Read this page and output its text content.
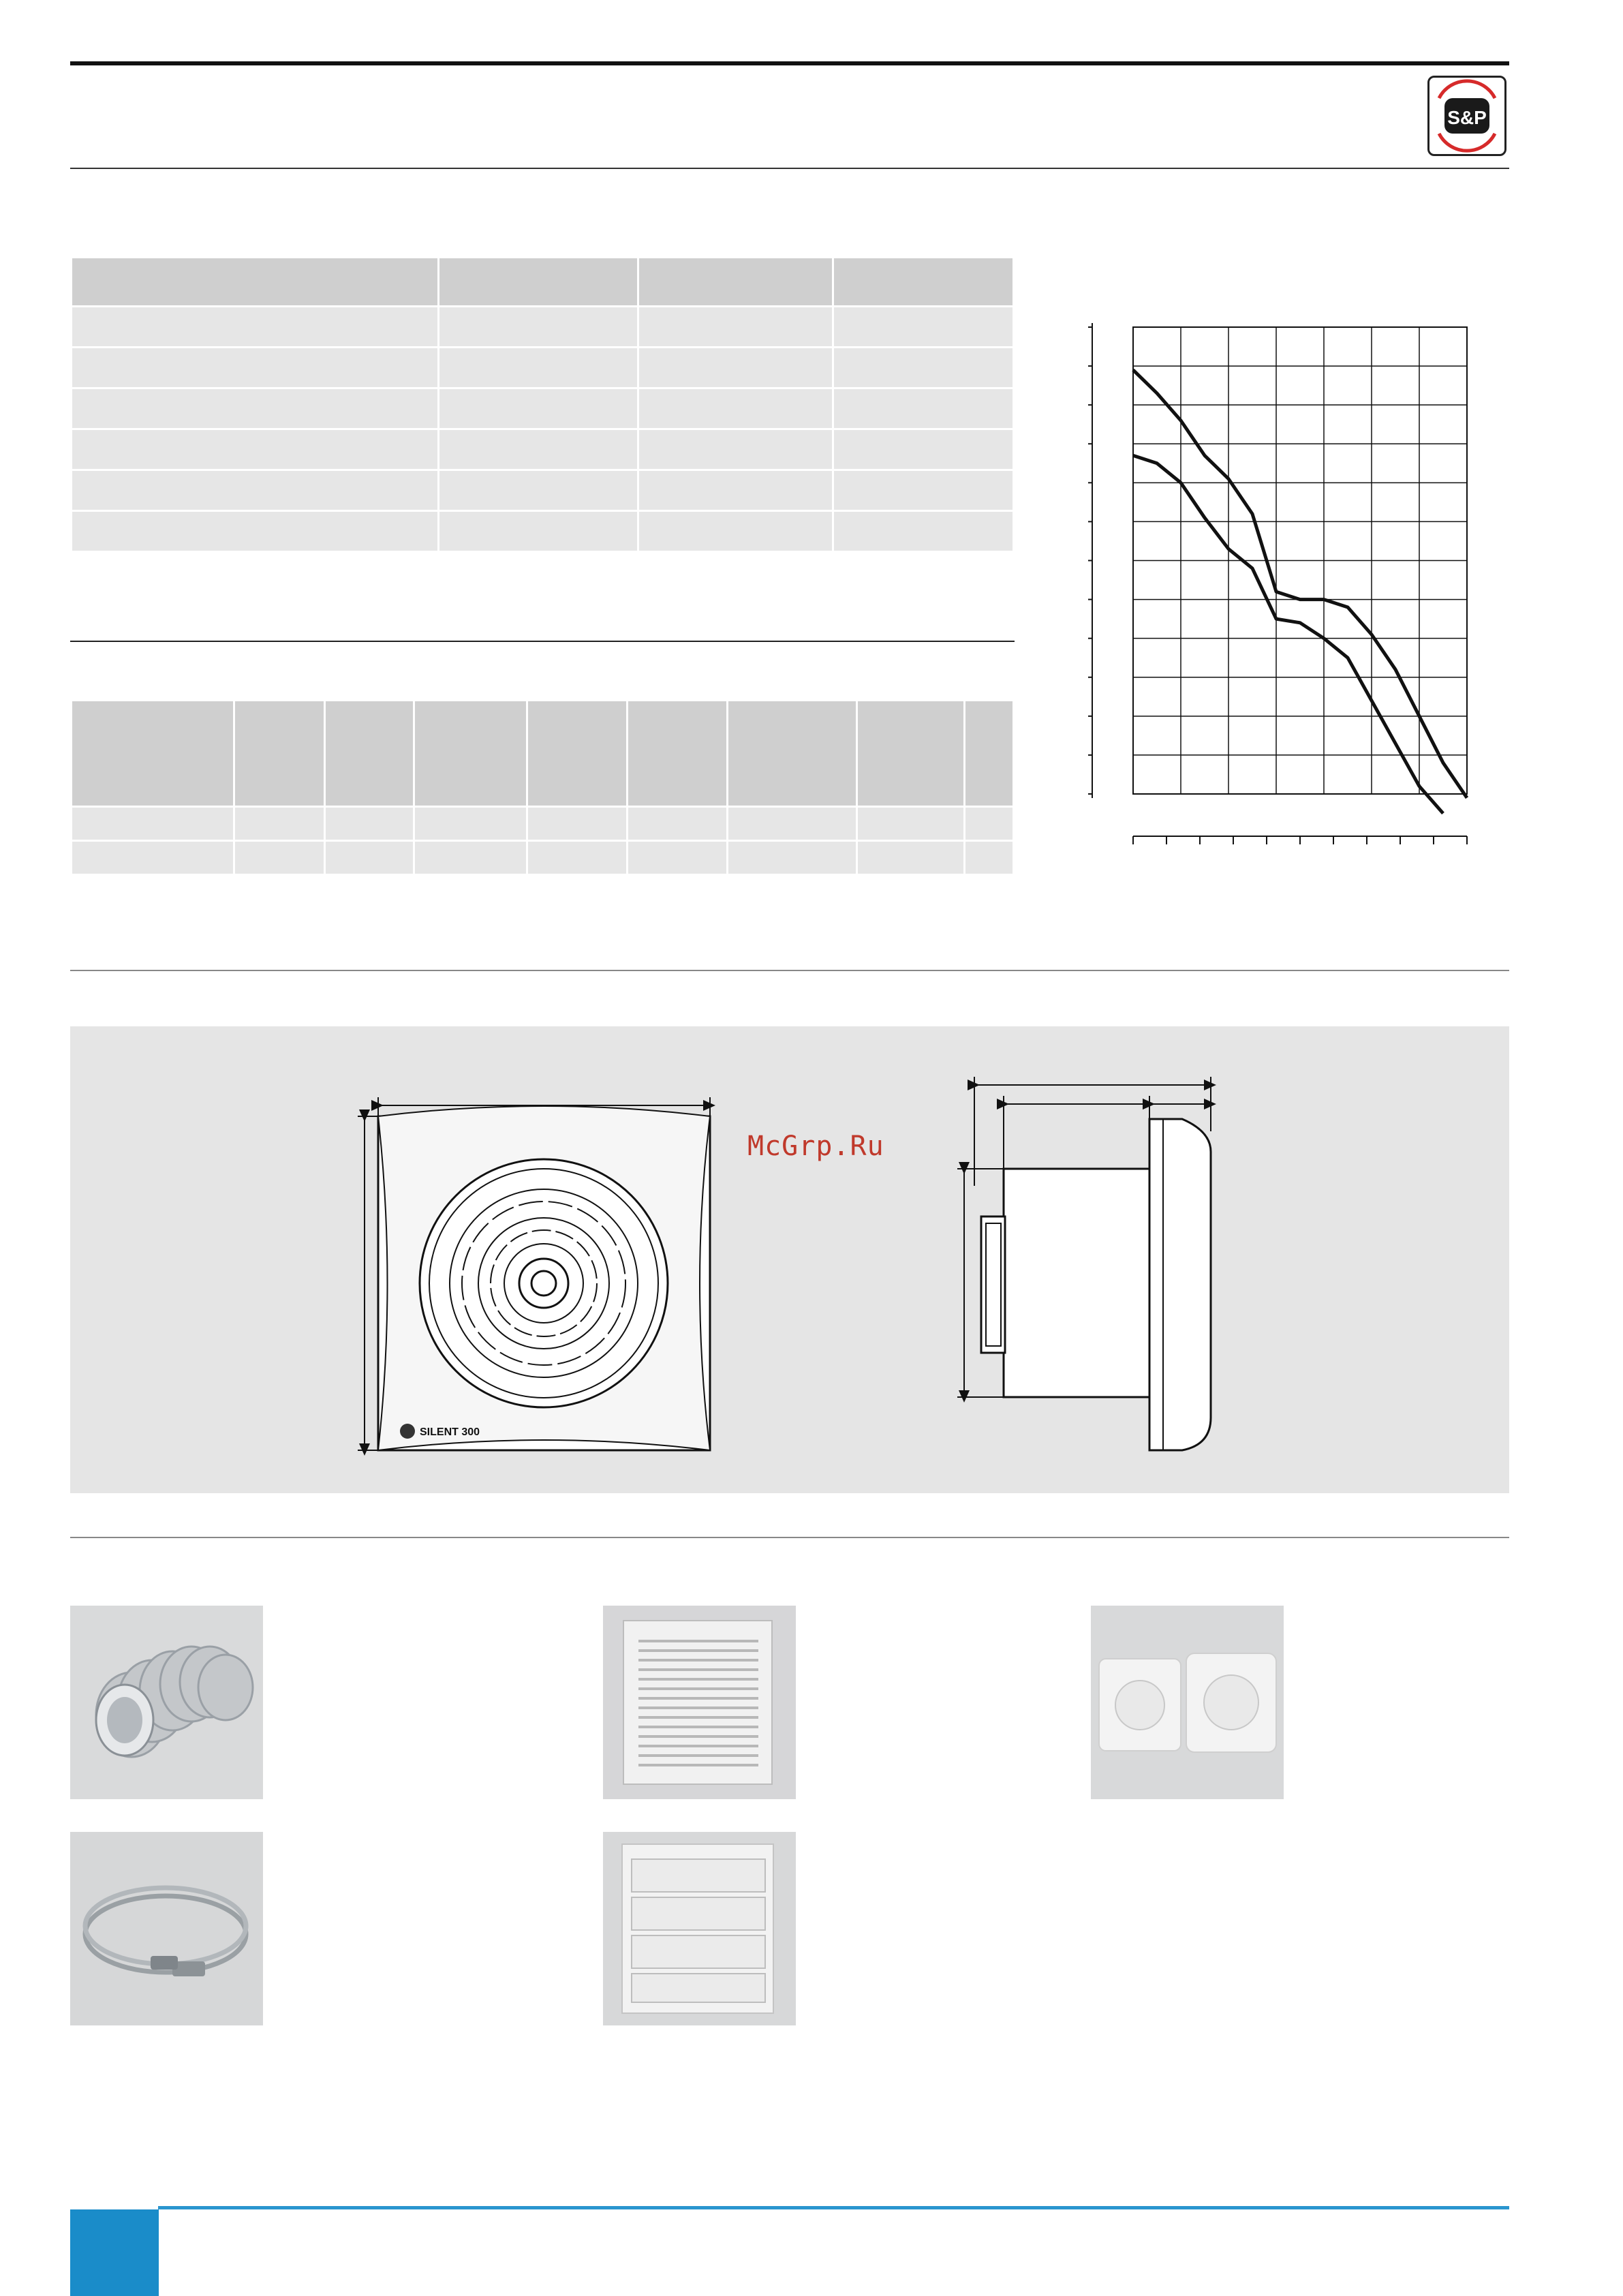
S&P

SILENT 300
McGrp.Ru
